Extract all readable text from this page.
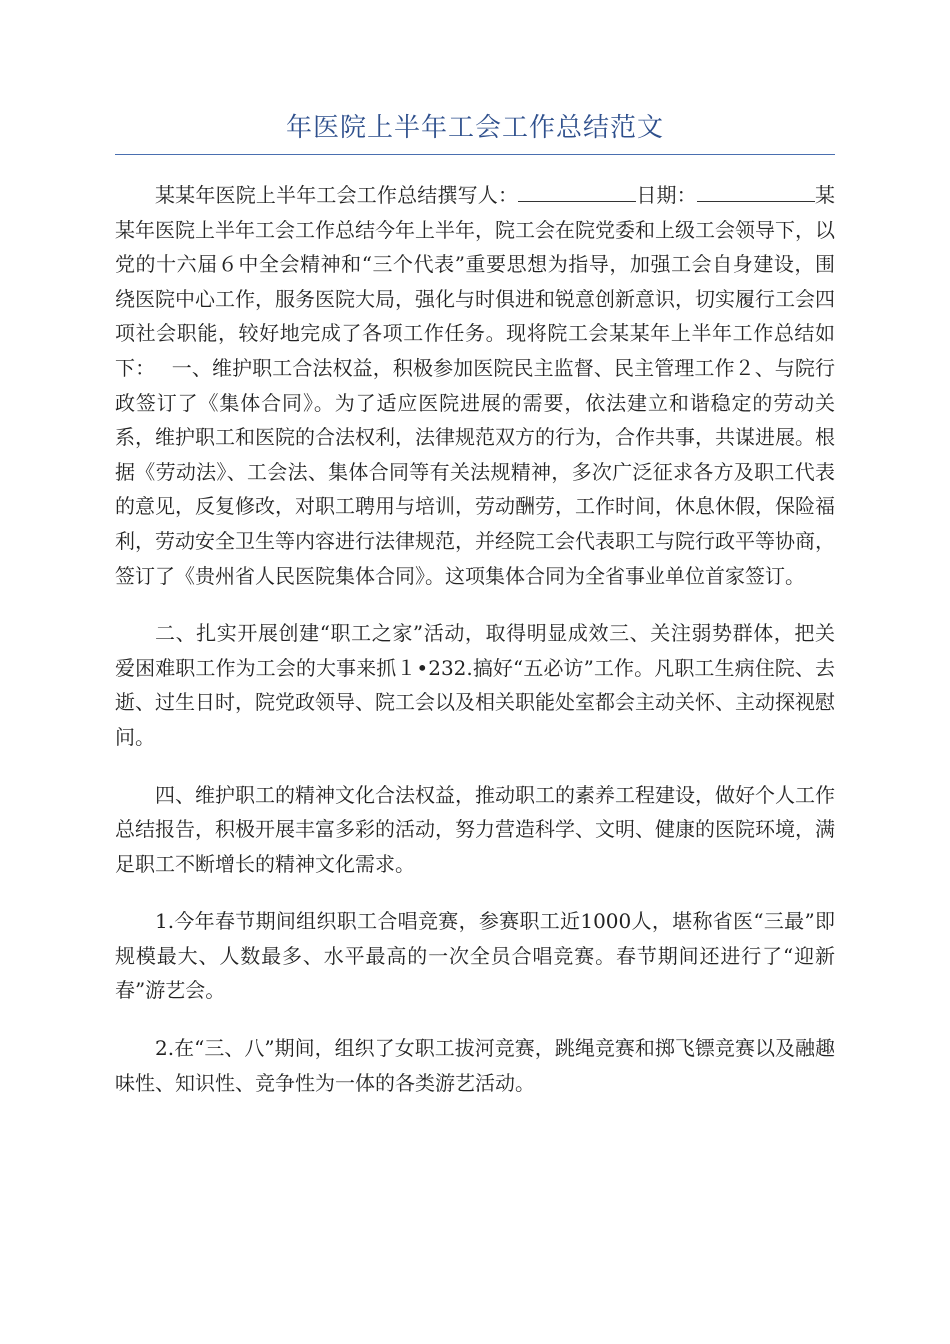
年医院上半年工会工作总结范文

某某年医院上半年工会工作总结撰写人：	日期：	某某年医院上半年工会工作总结今年上半年，院工会在院党委和上级工会领导下，以党的十六届６中全会精神和“三个代表”重要思想为指导，加强工会自身建设，围绕医院中心工作，服务医院大局，强化与时俱进和锐意创新意识，切实履行工会四项社会职能，较好地完成了各项工作任务。现将院工会某某年上半年工作总结如下：　 一、维护职工合法权益，积极参加医院民主监督、民主管理工作２、与院行政签订了《集体合同》。为了适应医院进展的需要，依法建立和谐稳定的劳动关系，维护职工和医院的合法权利，法律规范双方的行为，合作共事，共谋进展。根据《劳动法》、工会法、集体合同等有关法规精神，多次广泛征求各方及职工代表的意见，反复修改，对职工聘用与培训，劳动酬劳，工作时间，休息休假，保险福利，劳动安全卫生等内容进行法律规范，并经院工会代表职工与院行政平等协商，签订了《贵州省人民医院集体合同》。这项集体合同为全省事业单位首家签订。

二、扎实开展创建“职工之家”活动，取得明显成效三、关注弱势群体，把关爱困难职工作为工会的大事来抓１•232.搞好“五必访”工作。凡职工生病住院、去逝、过生日时，院党政领导、院工会以及相关职能处室都会主动关怀、主动探视慰问。

四、维护职工的精神文化合法权益，推动职工的素养工程建设，做好个人工作总结报告，积极开展丰富多彩的活动，努力营造科学、文明、健康的医院环境，满足职工不断增长的精神文化需求。

1.今年春节期间组织职工合唱竞赛，参赛职工近1000人，堪称省医“三最”即规模最大、人数最多、水平最高的一次全员合唱竞赛。春节期间还进行了“迎新春”游艺会。

2.在“三、八”期间，组织了女职工拔河竞赛，跳绳竞赛和掷飞镖竞赛以及融趣味性、知识性、竞争性为一体的各类游艺活动。
